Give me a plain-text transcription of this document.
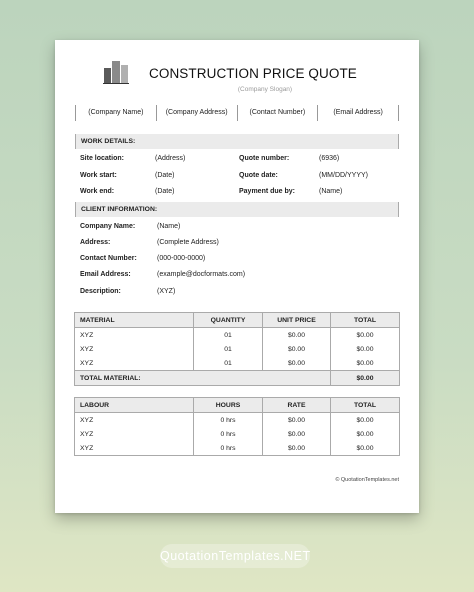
CONSTRUCTION PRICE QUOTE
(Company Slogan)
(Company Name)	(Company Address)	(Contact Number)	(Email Address)
WORK DETAILS:
Site location:	(Address)
Work start:	(Date)
Work end:	(Date)
Quote number:	(6936)
Quote date:	(MM/DD/YYYY)
Payment due by:	(Name)
CLIENT INFORMATION:
Company Name:	(Name)
Address:	(Complete Address)
Contact Number:	(000-000-0000)
Email Address:	(example@docformats.com)
Description:	(XYZ)
MATERIAL	QUANTITY	UNIT PRICE	TOTAL
XYZ	01	$0.00	$0.00
XYZ	01	$0.00	$0.00
XYZ	01	$0.00	$0.00
TOTAL MATERIAL:			$0.00
LABOUR	HOURS	RATE	TOTAL
XYZ	0 hrs	$0.00	$0.00
XYZ	0 hrs	$0.00	$0.00
XYZ	0 hrs	$0.00	$0.00
© QuotationTemplates.net
QuotationTemplates.NET
